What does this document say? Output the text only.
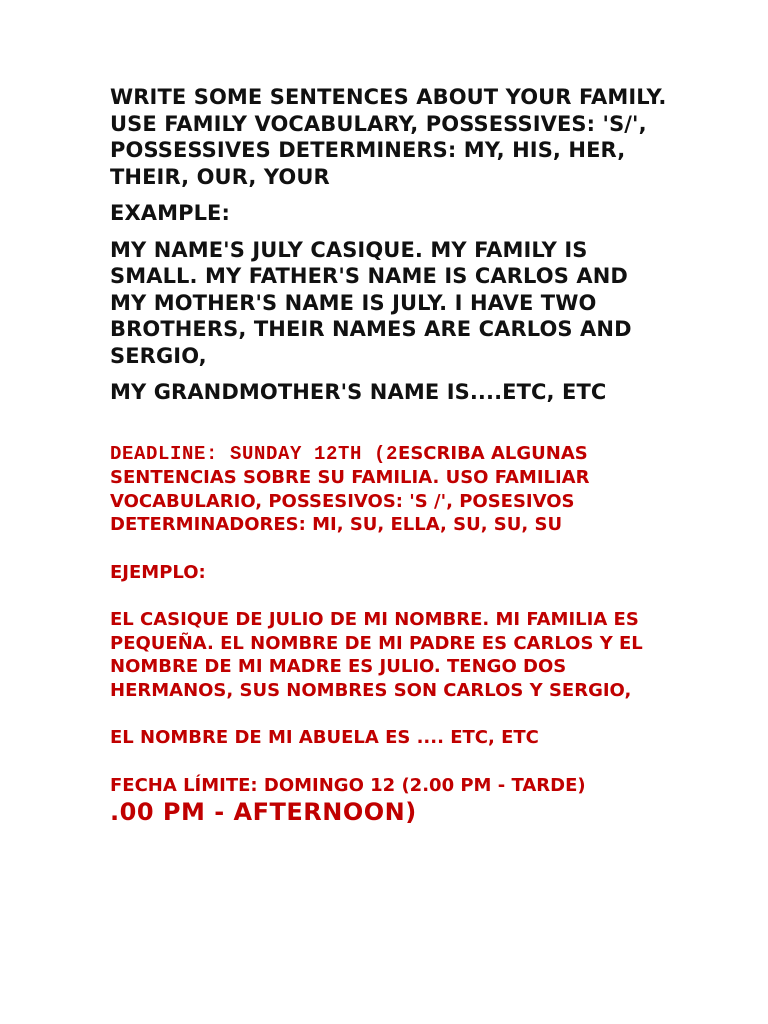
WRITE SOME SENTENCES ABOUT YOUR FAMILY. USE FAMILY VOCABULARY, POSSESSIVES: 'S/', POSSESSIVES DETERMINERS: MY, HIS, HER, THEIR, OUR, YOUR

EXAMPLE:

MY NAME'S JULY CASIQUE. MY FAMILY IS SMALL. MY FATHER'S NAME IS CARLOS AND MY MOTHER'S NAME IS JULY. I HAVE TWO BROTHERS, THEIR NAMES ARE CARLOS AND SERGIO,

MY GRANDMOTHER'S NAME IS....ETC, ETC

DEADLINE: SUNDAY 12TH (2ESCRIBA ALGUNAS SENTENCIAS SOBRE SU FAMILIA. USO FAMILIAR VOCABULARIO, POSSESIVOS: 'S /', POSESIVOS DETERMINADORES: MI, SU, ELLA, SU, SU, SU

EJEMPLO:

EL CASIQUE DE JULIO DE MI NOMBRE. MI FAMILIA ES PEQUEÑA. EL NOMBRE DE MI PADRE ES CARLOS Y EL NOMBRE DE MI MADRE ES JULIO. TENGO DOS HERMANOS, SUS NOMBRES SON CARLOS Y SERGIO,

EL NOMBRE DE MI ABUELA ES .... ETC, ETC

FECHA LÍMITE: DOMINGO 12 (2.00 PM - TARDE)

.00 PM - AFTERNOON)
